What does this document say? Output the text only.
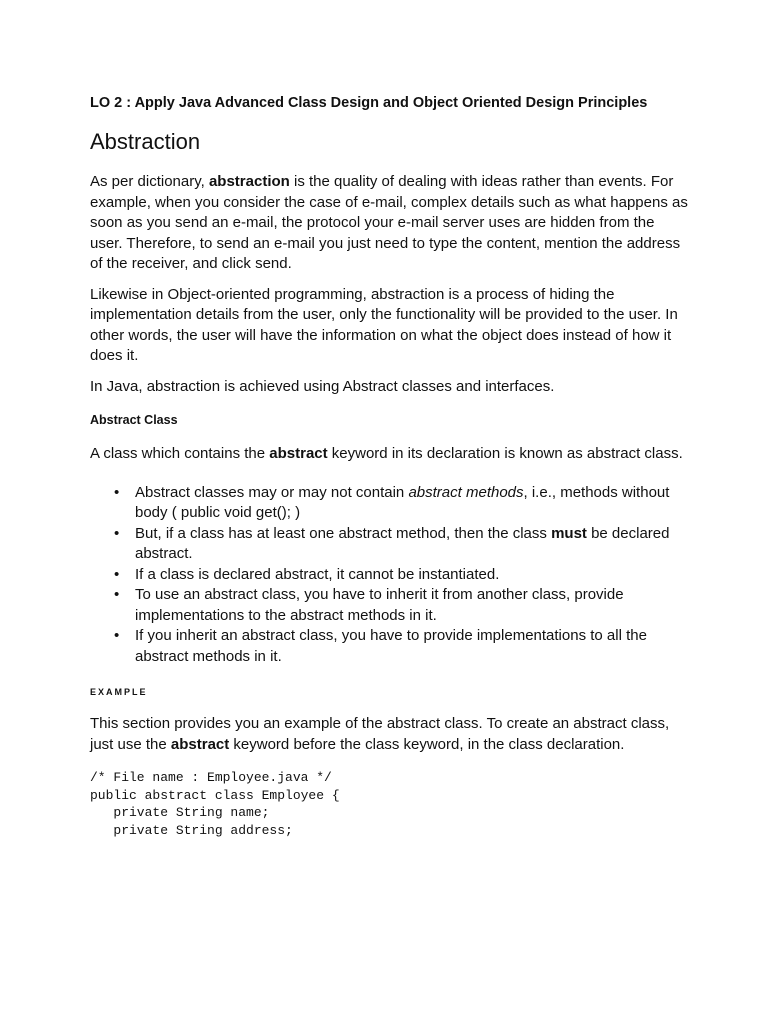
LO 2 : Apply Java Advanced Class Design and Object Oriented Design Principles
Abstraction

As per dictionary, abstraction is the quality of dealing with ideas rather than events. For example, when you consider the case of e-mail, complex details such as what happens as soon as you send an e-mail, the protocol your e-mail server uses are hidden from the user. Therefore, to send an e-mail you just need to type the content, mention the address of the receiver, and click send.

Likewise in Object-oriented programming, abstraction is a process of hiding the implementation details from the user, only the functionality will be provided to the user. In other words, the user will have the information on what the object does instead of how it does it.

In Java, abstraction is achieved using Abstract classes and interfaces.

Abstract Class

A class which contains the abstract keyword in its declaration is known as abstract class.

• Abstract classes may or may not contain abstract methods, i.e., methods without body ( public void get(); )
• But, if a class has at least one abstract method, then the class must be declared abstract.
• If a class is declared abstract, it cannot be instantiated.
• To use an abstract class, you have to inherit it from another class, provide implementations to the abstract methods in it.
• If you inherit an abstract class, you have to provide implementations to all the abstract methods in it.
EXAMPLE

This section provides you an example of the abstract class. To create an abstract class, just use the abstract keyword before the class keyword, in the class declaration.

/* File name : Employee.java */
public abstract class Employee {
private String name;
private String address;
